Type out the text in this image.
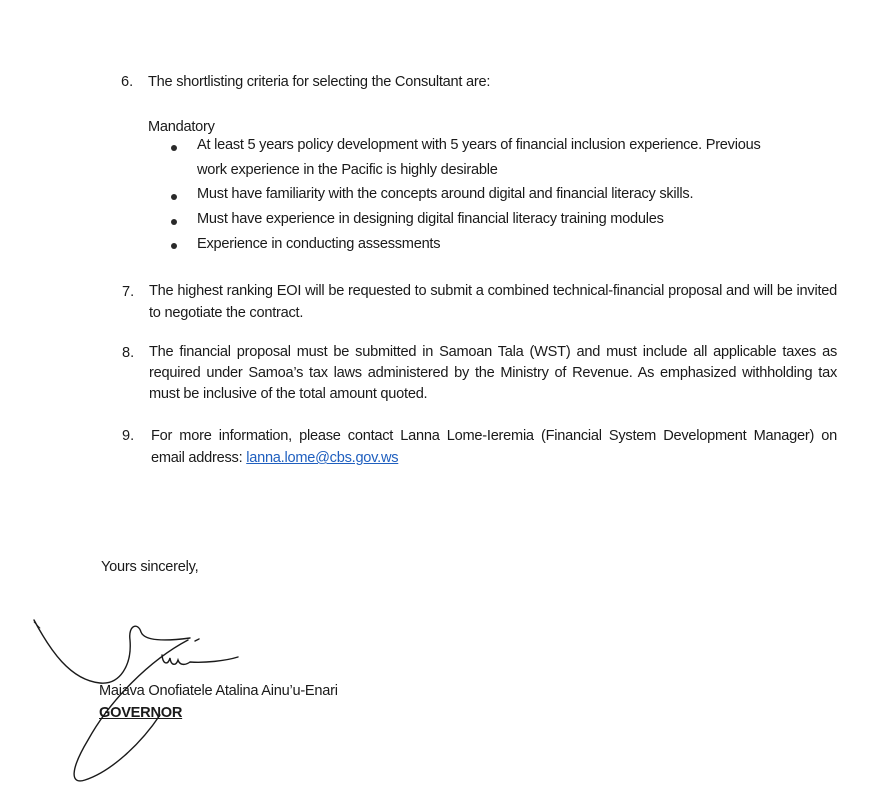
6. The shortlisting criteria for selecting the Consultant are:
Mandatory
At least 5 years policy development with 5 years of financial inclusion experience. Previous
work experience in the Pacific is highly desirable
Must have familiarity with the concepts around digital and financial literacy skills.
Must have experience in designing digital financial literacy training modules
Experience in conducting assessments
7. The highest ranking EOI will be requested to submit a combined technical-financial proposal and will be invited to negotiate the contract.
8. The financial proposal must be submitted in Samoan Tala (WST) and must include all applicable taxes as required under Samoa’s tax laws administered by the Ministry of Revenue. As emphasized withholding tax must be inclusive of the total amount quoted.
9. For more information, please contact Lanna Lome-Ieremia (Financial System Development Manager) on email address: lanna.lome@cbs.gov.ws
Yours sincerely,
Maiava Onofiatele Atalina Ainu’u-Enari
GOVERNOR
